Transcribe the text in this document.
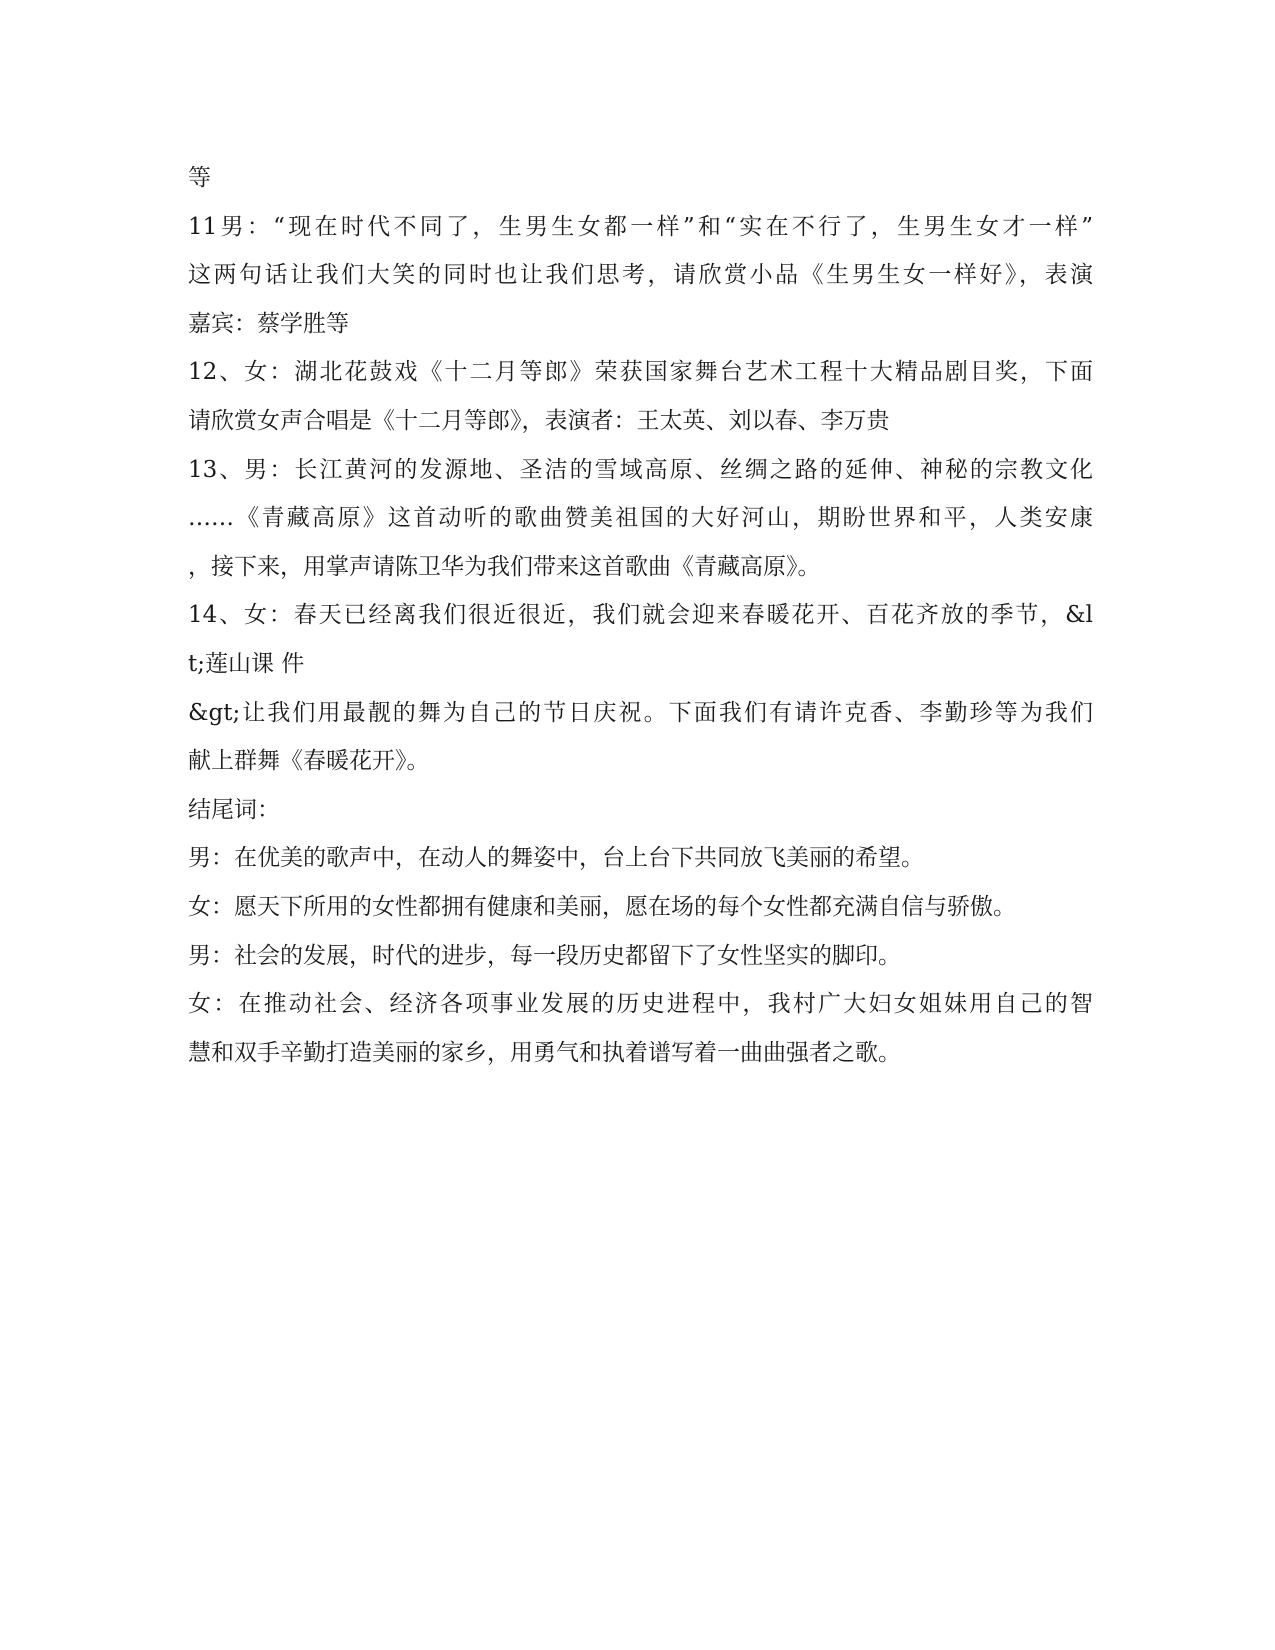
等
11男：“现在时代不同了，生男生女都一样”和“实在不行了，生男生女才一样”
这两句话让我们大笑的同时也让我们思考，请欣赏小品《生男生女一样好》，表演
嘉宾：蔡学胜等
12、女：湖北花鼓戏《十二月等郎》荣获国家舞台艺术工程十大精品剧目奖，下面
请欣赏女声合唱是《十二月等郎》，表演者：王太英、刘以春、李万贵
13、男：长江黄河的发源地、圣洁的雪域高原、丝绸之路的延伸、神秘的宗教文化
……《青藏高原》这首动听的歌曲赞美祖国的大好河山，期盼世界和平，人类安康
，接下来，用掌声请陈卫华为我们带来这首歌曲《青藏高原》。
14、女：春天已经离我们很近很近，我们就会迎来春暖花开、百花齐放的季节，&l
t;莲山课 件
&gt;让我们用最靓的舞为自己的节日庆祝。下面我们有请许克香、李勤珍等为我们
献上群舞《春暖花开》。
结尾词：
男：在优美的歌声中，在动人的舞姿中，台上台下共同放飞美丽的希望。
女：愿天下所用的女性都拥有健康和美丽，愿在场的每个女性都充满自信与骄傲。
男：社会的发展，时代的进步，每一段历史都留下了女性坚实的脚印。
女：在推动社会、经济各项事业发展的历史进程中，我村广大妇女姐妹用自己的智
慧和双手辛勤打造美丽的家乡，用勇气和执着谱写着一曲曲强者之歌。
